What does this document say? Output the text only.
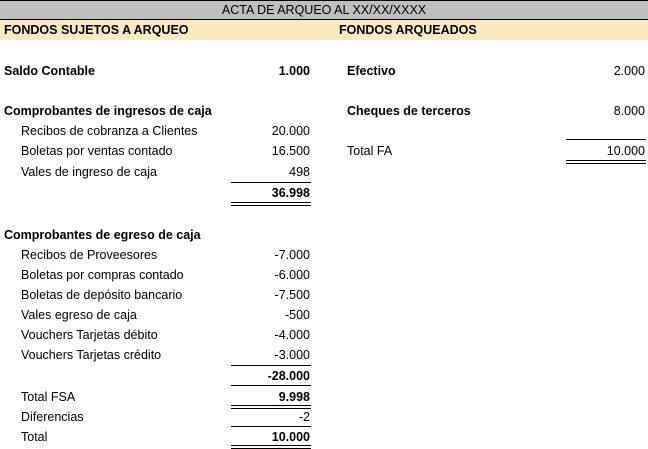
ACTA DE ARQUEO AL XX/XX/XXXX
FONDOS SUJETOS A ARQUEO	FONDOS ARQUEADOS
Saldo Contable	1.000
Comprobantes de ingresos de caja
Recibos de cobranza a Clientes	20.000
Boletas por ventas contado	16.500
Vales de ingreso de caja	498
36.998
Comprobantes de egreso de caja
Recibos de Proveesores	-7.000
Boletas por compras contado	-6.000
Boletas de depósito bancario	-7.500
Vales egreso de caja	-500
Vouchers Tarjetas débito	-4.000
Vouchers Tarjetas crédito	-3.000
-28.000
Total FSA	9.998
Diferencias	-2
Total	10.000
Efectivo	2.000
Cheques de terceros	8.000
Total FA	10.000
